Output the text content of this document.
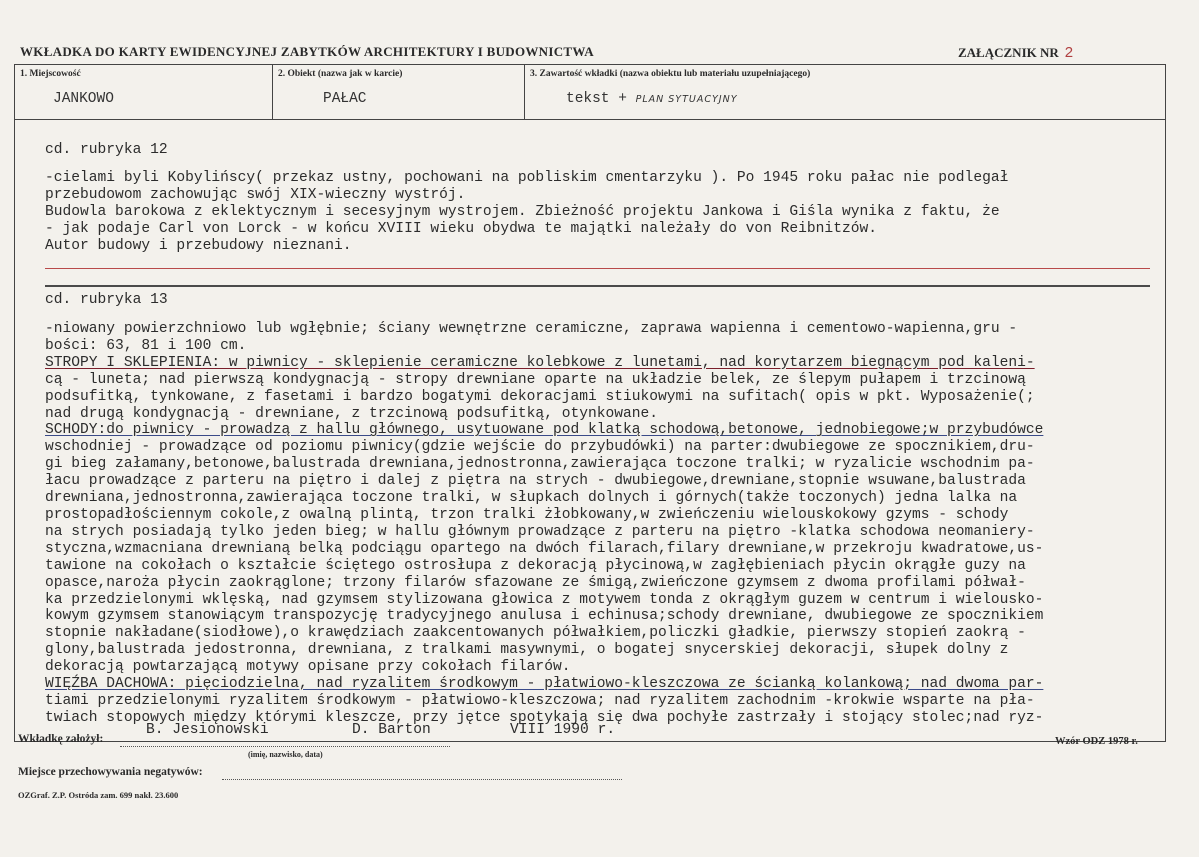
WKŁADKA DO KARTY EWIDENCYJNEJ ZABYTKÓW ARCHITEKTURY I BUDOWNICTWA	ZAŁĄCZNIK NR 2
1. Miejscowość
JANKOWO
2. Obiekt (nazwa jak w karcie)
PAŁAC
3. Zawartość wkładki (nazwa obiektu lub materiału uzupełniającego)
tekst + PLAN SYTUACYJNY
cd. rubryka 12
-cielami byli Kobylińscy( przekaz ustny, pochowani na pobliskim cmentarzyku ). Po 1945 roku pałac nie podlegał
przebudowom zachowując swój XIX-wieczny wystrój.
Budowla barokowa z eklektycznym i secesyjnym wystrojem. Zbieżność projektu Jankowa i Giśla wynika z faktu, że
- jak podaje Carl von Lorck - w końcu XVIII wieku obydwa te majątki należały do von Reibnitzów.
Autor budowy i przebudowy nieznani.
cd. rubryka 13
-niowany powierzchniowo lub wgłębnie; ściany wewnętrzne ceramiczne, zaprawa wapienna i cementowo-wapienna,gru -
bości: 63, 81 i 100 cm.
STROPY I SKLEPIENIA: w piwnicy - sklepienie ceramiczne kolebkowe z lunetami, nad korytarzem biegnącym pod kaleni-
cą - luneta; nad pierwszą kondygnacją - stropy drewniane oparte na układzie belek, ze ślepym pułapem i trzcinową
podsufitką, tynkowane, z fasetami i bardzo bogatymi dekoracjami stiukowymi na sufitach( opis w pkt. Wyposażenie(;
nad drugą kondygnacją - drewniane, z trzcinową podsufitką, otynkowane.
SCHODY:do piwnicy - prowadzą z hallu głównego, usytuowane pod klatką schodową,betonowe, jednobiegowe;w przybudówce
wschodniej - prowadzące od poziomu piwnicy(gdzie wejście do przybudówki) na parter:dwubiegowe ze spocznikiem,dru-
gi bieg załamany,betonowe,balustrada drewniana,jednostronna,zawierająca toczone tralki; w ryzalicie wschodnim pa-
łacu prowadzące z parteru na piętro i dalej z piętra na strych - dwubiegowe,drewniane,stopnie wsuwane,balustrada
drewniana,jednostronna,zawierająca toczone tralki, w słupkach dolnych i górnych(także toczonych) jedna lalka na
prostopadłościennym cokole,z owalną plintą, trzon tralki żłobkowany,w zwieńczeniu wielouskokowy gzyms - schody
na strych posiadają tylko jeden bieg; w hallu głównym prowadzące z parteru na piętro -klatka schodowa neomaniery-
styczna,wzmacniana drewnianą belką podciągu opartego na dwóch filarach,filary drewniane,w przekroju kwadratowe,us-
tawione na cokołach o kształcie ściętego ostrosłupa z dekoracją płycinową,w zagłębieniach płycin okrągłe guzy na
opasce,naroża płycin zaokrąglone; trzony filarów sfazowane ze śmigą,zwieńczone gzymsem z dwoma profilami półwał-
ka przedzielonymi wklęską, nad gzymsem stylizowana głowica z motywem tonda z okrągłym guzem w centrum i wielousko-
kowym gzymsem stanowiącym transpozycję tradycyjnego anulusa i echinusa;schody drewniane, dwubiegowe ze spocznikiem
stopnie nakładane(siodłowe),o krawędziach zaakcentowanych półwałkiem,policzki gładkie, pierwszy stopień zaokrą -
glony,balustrada jedostronna, drewniana, z tralkami masywnymi, o bogatej snycerskiej dekoracji, słupek dolny z
dekoracją powtarzającą motywy opisane przy cokołach filarów.
WIĘŹBA DACHOWA: pięciodzielna, nad ryzalitem środkowym - płatwiowo-kleszczowa ze ścianką kolankową; nad dwoma par-
tiami przedzielonymi ryzalitem środkowym - płatwiowo-kleszczowa; nad ryzalitem zachodnim -krokwie wsparte na pła-
twiach stopowych między którymi kleszcze, przy jętce spotykają się dwa pochyłe zastrzały i stojący stolec;nad ryz-
Wkładkę założył:
B. Jesionowski	D. Barton	VIII 1990 r.
(imię, nazwisko, data)
Wzór ODZ 1978 r.
Miejsce przechowywania negatywów:
OZGraf. Z.P. Ostróda zam. 699 nakł. 23.600
